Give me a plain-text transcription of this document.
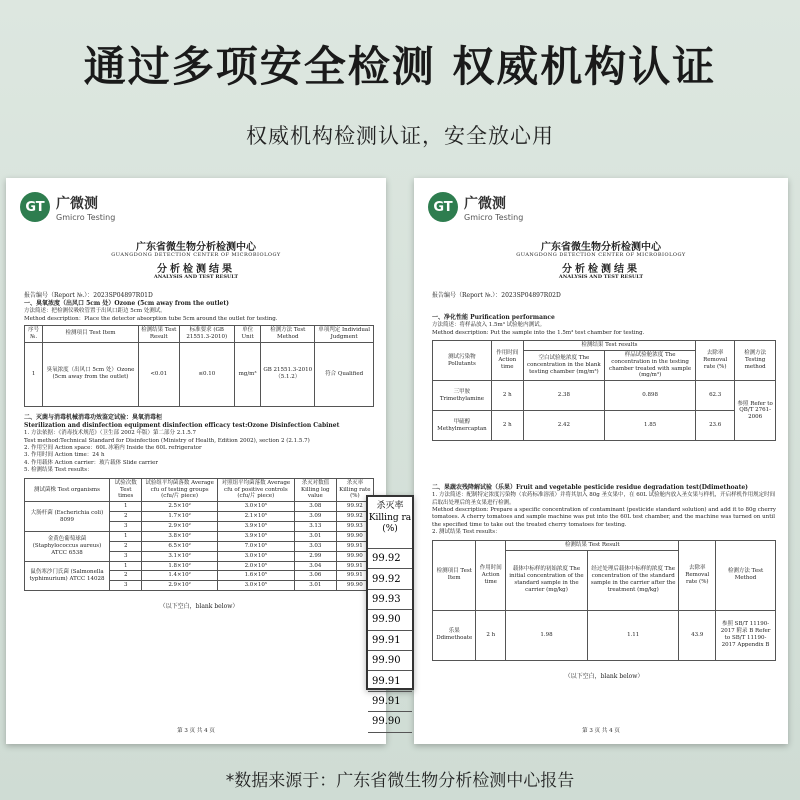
通过多项安全检测 权威机构认证
权威机构检测认证，安全放心用
GT 广微测
Gmicro Testing
广东省微生物分析检测中心
GUANGDONG DETECTION CENTER OF MICROBIOLOGY
分析检测结果
ANALYSIS AND TEST RESULT
报告编号（Report №.）：2023SP04897R01D
一、臭氧浓度（出风口 5cm 处）Ozone (5cm away from the outlet)
方法简述：把检测仪吸收管置于出风口距边 5cm 处测试。
Method description：Place the detector absorption tube 5cm around the outlet for testing.
序号 №.	检测项目 Test Item	检测结果 Test Result	标准要求 (GB 21551.3-2010)	单位 Unit	检测方法 Test Method	单项判定 Individual Judgment
1	臭氧浓度（出风口 5cm 处）Ozone (5cm away from the outlet)	<0.01	≤0.10	mg/m³	GB 21551.3-2010（5.1.2）	符合 Qualified
二、灭菌与消毒机械消毒功效鉴定试验：臭氧消毒柜
Sterilization and disinfection equipment disinfection efficacy test:Ozone Disinfection Cabinet
1. 方法依据：《消毒技术规范》（卫生部 2002 年版）第二部分 2.1.5.7
Test method:Technical Standard for Disinfection (Ministry of Health, Edition 2002), section 2 (2.1.5.7)
2. 作用空间 Action space：60L 冰箱内 Inside the 60L refrigerator
3. 作用时间 Action time：24 h
4. 作用载体 Action carrier：玻片载体 Slide carrier
5. 检测结果 Test results：
测试菌株 Test organisms	试验次数 Test times	试验组平均菌落数 Average cfu of testing groups (cfu/片 piece)	对照组平均菌落数 Average cfu of positive controls (cfu/片 piece)	杀灭对数值 Killing log value	杀灭率 Killing rate (%)
大肠杆菌 (Escherichia coli) 8099	1	2.5×10²	3.0×10⁵	3.08	99.92
	2	1.7×10²	2.1×10⁵	3.09	99.92
	3	2.9×10²	3.9×10⁵	3.13	99.93
金黄色葡萄球菌 (Staphylococcus aureus) ATCC 6538	1	3.8×10²	3.9×10⁵	3.01	99.90
	2	6.5×10²	7.0×10⁵	3.03	99.91
	3	3.1×10²	3.0×10⁵	2.99	99.90
鼠伤寒沙门氏菌 (Salmonella typhimurium) ATCC 14028	1	1.8×10²	2.0×10⁵	3.04	99.91
	2	1.4×10²	1.6×10⁵	3.06	99.91
	3	2.9×10²	3.0×10⁵	3.01	99.90
（以下空白，blank below）
第 3 页 共 4 页
GT 广微测
Gmicro Testing
广东省微生物分析检测中心
GUANGDONG DETECTION CENTER OF MICROBIOLOGY
分析检测结果
ANALYSIS AND TEST RESULT
报告编号（Report №.）：2023SP04897R02D
一、净化性能 Purification performance
方法简述：将样品放入 1.5m³ 试验舱内测试。
Method description: Put the sample into the 1.5m³ test chamber for testing.
测试污染物 Pollutants	作用时间 Action time	检测结果 Test results		去除率 Removal rate (%)	检测方法 Testing method
		空白试验舱浓度 The concentration in the blank testing chamber (mg/m³)	样品试验舱浓度 The concentration in the testing chamber treated with sample (mg/m³)		
三甲胺 Trimethylamine	2 h	2.38	0.898	62.3	参照 Refer to QB/T 2761-2006
甲硫醇 Methylmercaptan	2 h	2.42	1.85	23.6	
二、果蔬农残降解试验（乐果）Fruit and vegetable pesticide residue degradation test(Ddimethoate)
1. 方法简述：配制特定浓度污染物（农药标准溶液）并将其加入 80g 圣女果中，在 60L 试验舱内放入圣女果与样机，开启样机作用规定时间后取出处理后的圣女果进行检测。
Method description: Prepare a specific concentration of contaminant (pesticide standard solution) and add it to 80g cherry tomatoes. A cherry tomatoes and sample machine was put into the 60L test chamber, and the machine was turned on until the specified time to take out the treated cherry tomatoes for testing.
2. 测试结果 Test results：
检测项目 Test Item	作用时间 Action time	检测结果 Test Result		去除率 Removal rate (%)	检测方法 Test Method
		载体中标样的初始浓度 The initial concentration of the standard sample in the carrier (mg/kg)	经过处理后载体中标样的浓度 The concentration of the standard sample in the carrier after the treatment (mg/kg)		
乐果 Ddimethoate	2 h	1.98	1.11	43.9	参照 SB/T 11190-2017 附录 B Refer to SB/T 11190-2017 Appendix B
（以下空白，blank below）
第 3 页 共 4 页
杀灭率
Killing ra
(%)
99.92
99.92
99.93
99.90
99.91
99.90
99.91
99.91
99.90
*数据来源于：广东省微生物分析检测中心报告
